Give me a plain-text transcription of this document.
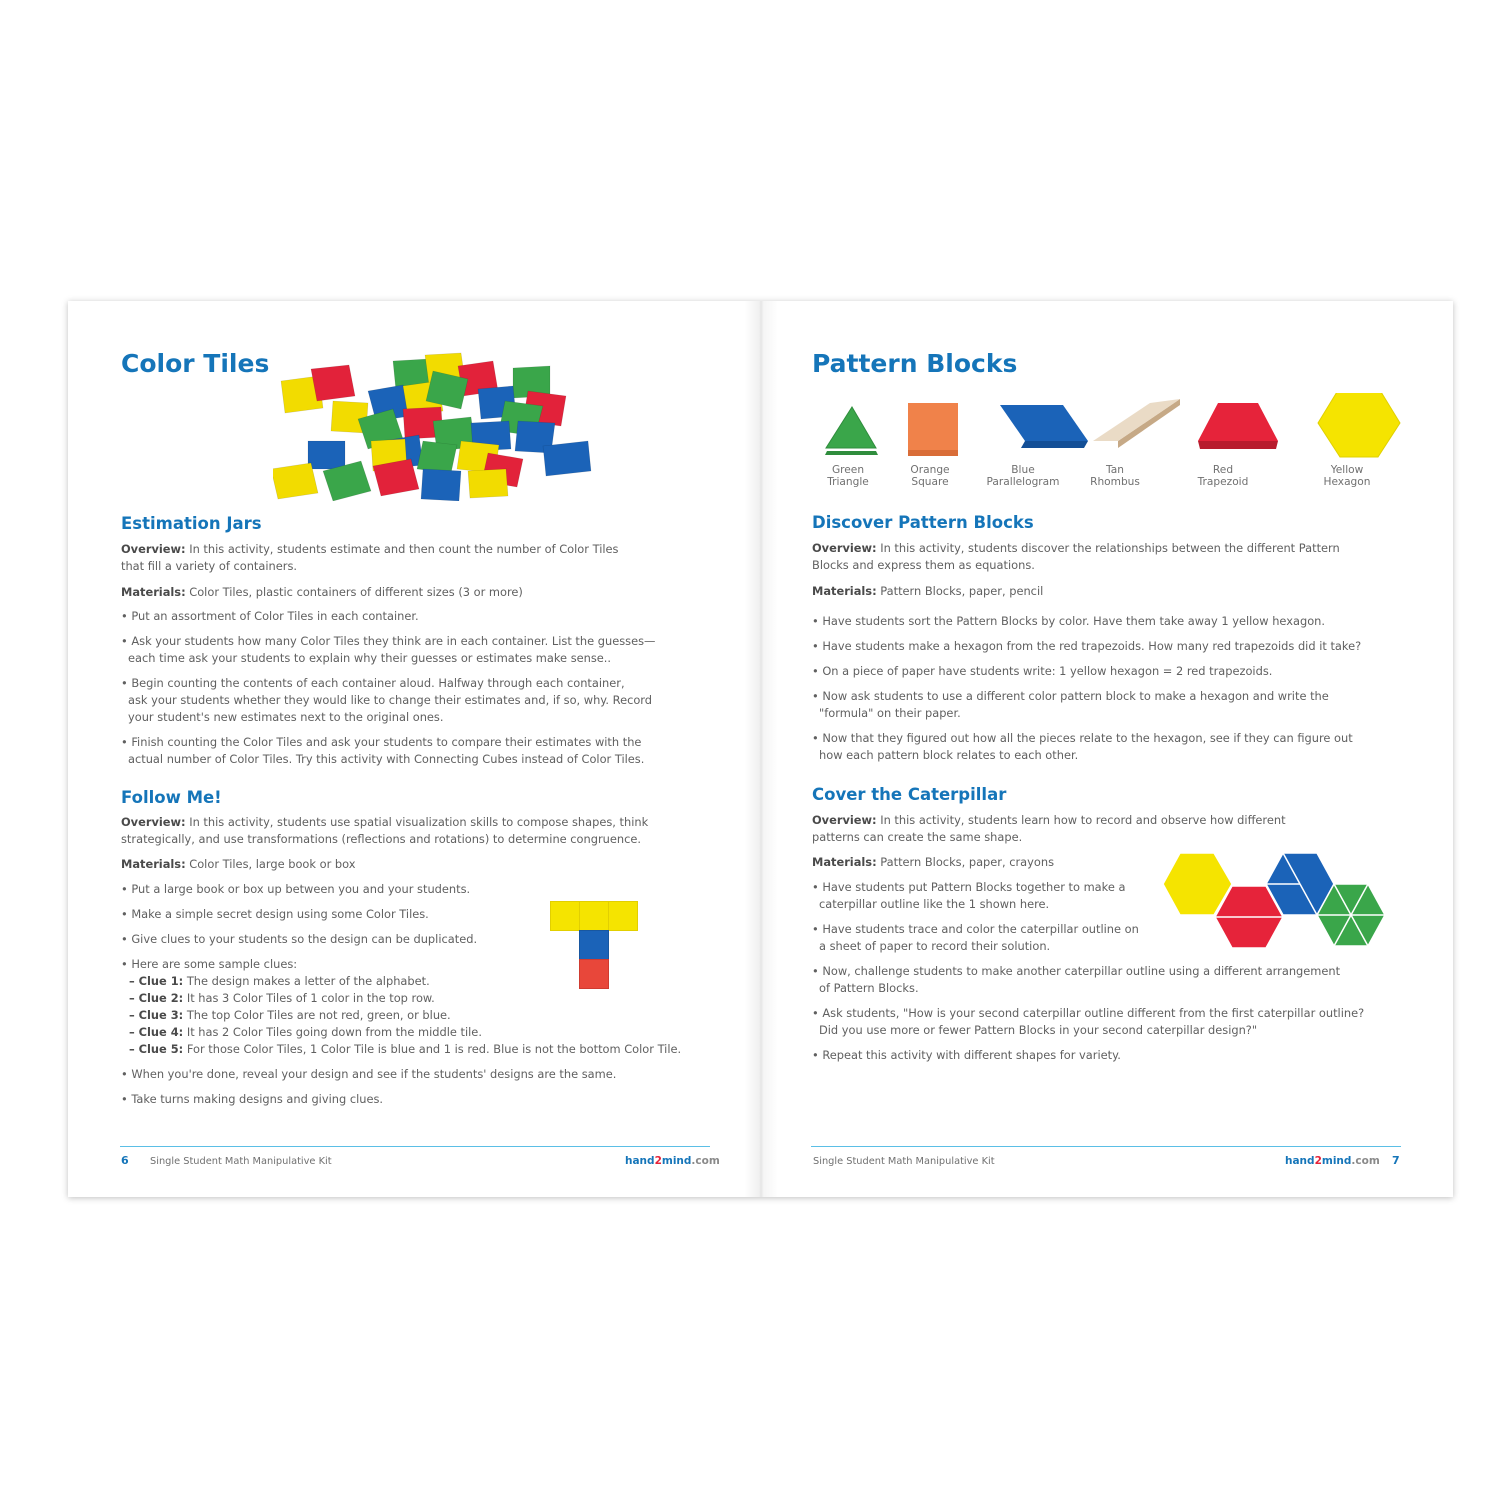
Color Tiles
Estimation Jars
Overview: In this activity, students estimate and then count the number of Color Tiles
that fill a variety of containers.
Materials: Color Tiles, plastic containers of different sizes (3 or more)
• Put an assortment of Color Tiles in each container.
• Ask your students how many Color Tiles they think are in each container. List the guesses—
each time ask your students to explain why their guesses or estimates make sense..
• Begin counting the contents of each container aloud. Halfway through each container,
ask your students whether they would like to change their estimates and, if so, why. Record
your student's new estimates next to the original ones.
• Finish counting the Color Tiles and ask your students to compare their estimates with the
actual number of Color Tiles. Try this activity with Connecting Cubes instead of Color Tiles.
Follow Me!
Overview: In this activity, students use spatial visualization skills to compose shapes, think
strategically, and use transformations (reflections and rotations) to determine congruence.
Materials: Color Tiles, large book or box
• Put a large book or box up between you and your students.
• Make a simple secret design using some Color Tiles.
• Give clues to your students so the design can be duplicated.
• Here are some sample clues:
– Clue 1: The design makes a letter of the alphabet.
– Clue 2: It has 3 Color Tiles of 1 color in the top row.
– Clue 3: The top Color Tiles are not red, green, or blue.
– Clue 4: It has 2 Color Tiles going down from the middle tile.
– Clue 5: For those Color Tiles, 1 Color Tile is blue and 1 is red. Blue is not the bottom Color Tile.
• When you're done, reveal your design and see if the students' designs are the same.
• Take turns making designs and giving clues.
6 Single Student Math Manipulative Kit	hand2mind.com
Pattern Blocks
Green
Triangle
Orange
Square
Blue
Parallelogram
Tan
Rhombus
Red
Trapezoid
Yellow
Hexagon
Discover Pattern Blocks
Overview: In this activity, students discover the relationships between the different Pattern
Blocks and express them as equations.
Materials: Pattern Blocks, paper, pencil
• Have students sort the Pattern Blocks by color. Have them take away 1 yellow hexagon.
• Have students make a hexagon from the red trapezoids. How many red trapezoids did it take?
• On a piece of paper have students write: 1 yellow hexagon = 2 red trapezoids.
• Now ask students to use a different color pattern block to make a hexagon and write the
"formula" on their paper.
• Now that they figured out how all the pieces relate to the hexagon, see if they can figure out
how each pattern block relates to each other.
Cover the Caterpillar
Overview: In this activity, students learn how to record and observe how different
patterns can create the same shape.
Materials: Pattern Blocks, paper, crayons
• Have students put Pattern Blocks together to make a
caterpillar outline like the 1 shown here.
• Have students trace and color the caterpillar outline on
a sheet of paper to record their solution.
• Now, challenge students to make another caterpillar outline using a different arrangement
of Pattern Blocks.
• Ask students, "How is your second caterpillar outline different from the first caterpillar outline?
Did you use more or fewer Pattern Blocks in your second caterpillar design?"
• Repeat this activity with different shapes for variety.
Single Student Math Manipulative Kit	hand2mind.com 7
